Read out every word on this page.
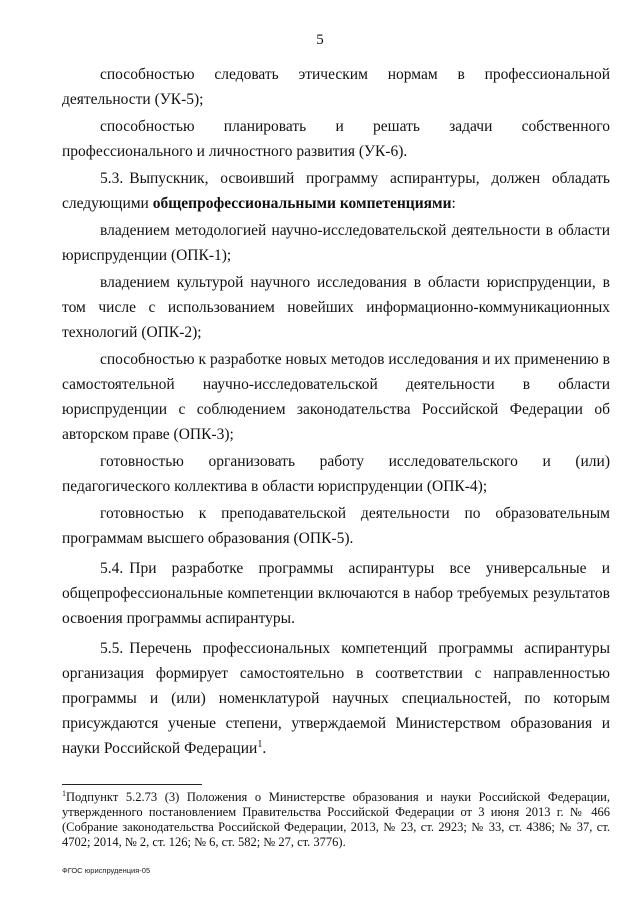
5

способностью следовать этическим нормам в профессиональной деятельности (УК-5);

способностью планировать и решать задачи собственного профессионального и личностного развития (УК-6).

5.3. Выпускник, освоивший программу аспирантуры, должен обладать следующими общепрофессиональными компетенциями:

владением методологией научно-исследовательской деятельности в области юриспруденции (ОПК-1);

владением культурой научного исследования в области юриспруденции, в том числе с использованием новейших информационно-коммуникационных технологий (ОПК-2);

способностью к разработке новых методов исследования и их применению в самостоятельной научно-исследовательской деятельности в области юриспруденции с соблюдением законодательства Российской Федерации об авторском праве (ОПК-3);

готовностью организовать работу исследовательского и (или) педагогического коллектива в области юриспруденции (ОПК-4);

готовностью к преподавательской деятельности по образовательным программам высшего образования (ОПК-5).

5.4. При разработке программы аспирантуры все универсальные и общепрофессиональные компетенции включаются в набор требуемых результатов освоения программы аспирантуры.

5.5. Перечень профессиональных компетенций программы аспирантуры организация формирует самостоятельно в соответствии с направленностью программы и (или) номенклатурой научных специальностей, по которым присуждаются ученые степени, утверждаемой Министерством образования и науки Российской Федерации$^1$.

$^1$Подпункт 5.2.73 (3) Положения о Министерстве образования и науки Российской Федерации, утвержденного постановлением Правительства Российской Федерации от 3 июня 2013 г. № 466 (Собрание законодательства Российской Федерации, 2013, № 23, ст. 2923; № 33, ст. 4386; № 37, ст. 4702; 2014, № 2, ст. 126; № 6, ст. 582; № 27, ст. 3776).
ФГОС юриспруденция-05
